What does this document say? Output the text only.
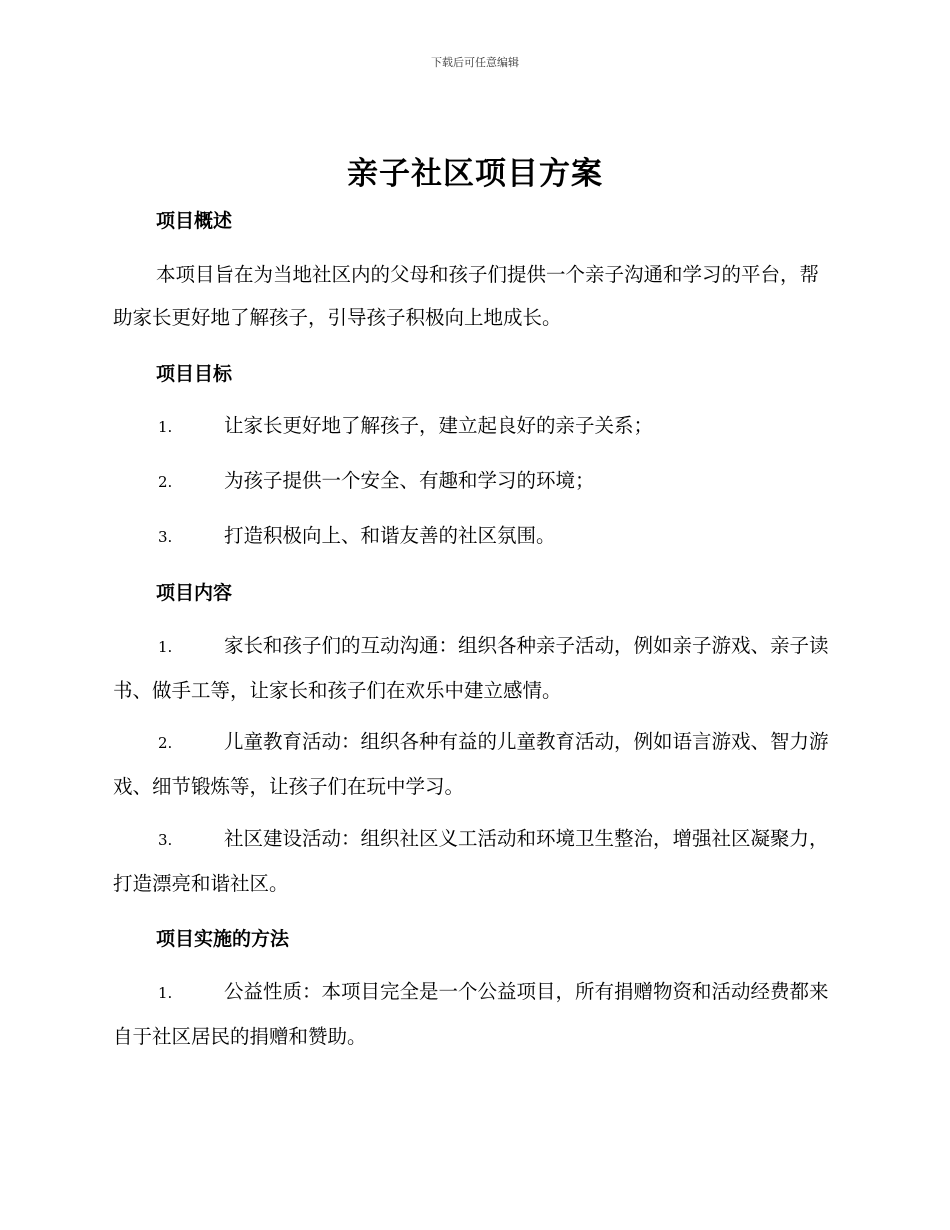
下载后可任意编辑
亲子社区项目方案
项目概述

本项目旨在为当地社区内的父母和孩子们提供一个亲子沟通和学习的平台，帮助家长更好地了解孩子，引导孩子积极向上地成长。

项目目标
1.	让家长更好地了解孩子，建立起良好的亲子关系；
2.	为孩子提供一个安全、有趣和学习的环境；
3.	打造积极向上、和谐友善的社区氛围。
项目内容
1.	家长和孩子们的互动沟通：组织各种亲子活动，例如亲子游戏、亲子读书、做手工等，让家长和孩子们在欢乐中建立感情。
2.	儿童教育活动：组织各种有益的儿童教育活动，例如语言游戏、智力游戏、细节锻炼等，让孩子们在玩中学习。
3.	社区建设活动：组织社区义工活动和环境卫生整治，增强社区凝聚力，打造漂亮和谐社区。
项目实施的方法
1.	公益性质：本项目完全是一个公益项目，所有捐赠物资和活动经费都来自于社区居民的捐赠和赞助。
